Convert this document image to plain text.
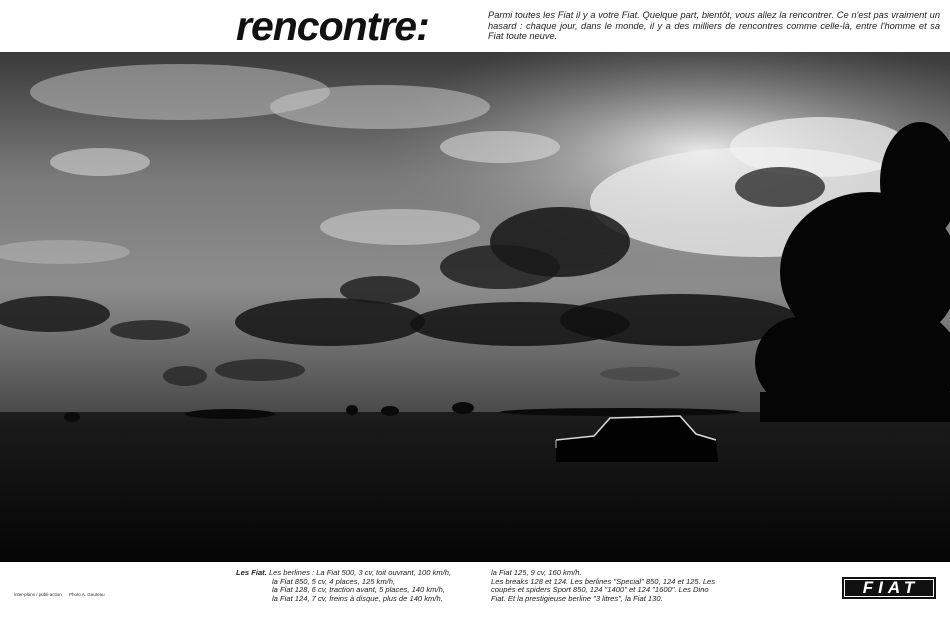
rencontre:	Parmi toutes les Fiat il y a votre Fiat. Quelque part, bientôt, vous allez la rencontrer. Ce n'est pas vraiment un hasard : chaque jour, dans le monde, il y a des milliers de rencontres comme celle-là, entre l'homme et sa Fiat toute neuve.
inter-plans / publi-action Photo A. Gauteau
Les Fiat. Les berlines : La Fiat 500, 3 cv, toit ouvrant, 100 km/h,
la Fiat 850, 5 cv, 4 places, 125 km/h,
la Fiat 128, 6 cv, traction avant, 5 places, 140 km/h,
la Fiat 124, 7 cv, freins à disque, plus de 140 km/h,
la Fiat 125, 9 cv, 160 km/h.
Les breaks 128 et 124. Les berlines "Special" 850, 124 et 125. Les
coupés et spiders Sport 850, 124 "1400" et 124 "1600". Les Dino
Fiat. Et la prestigieuse berline "3 litres", la Fiat 130.
FIAT
